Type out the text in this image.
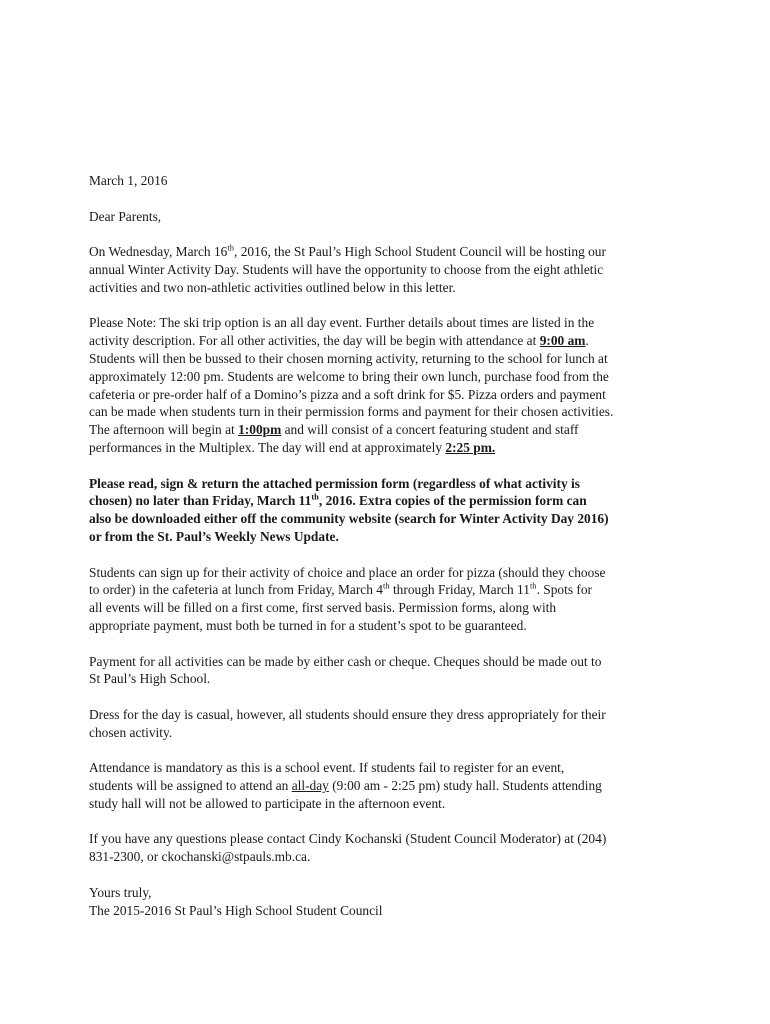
March 1, 2016
Dear Parents,
On Wednesday, March 16th, 2016, the St Paul’s High School Student Council will be hosting our
annual Winter Activity Day. Students will have the opportunity to choose from the eight athletic
activities and two non-athletic activities outlined below in this letter.
Please Note: The ski trip option is an all day event. Further details about times are listed in the
activity description. For all other activities, the day will be begin with attendance at 9:00 am.
Students will then be bussed to their chosen morning activity, returning to the school for lunch at
approximately 12:00 pm. Students are welcome to bring their own lunch, purchase food from the
cafeteria or pre-order half of a Domino’s pizza and a soft drink for $5. Pizza orders and payment
can be made when students turn in their permission forms and payment for their chosen activities.
The afternoon will begin at 1:00pm and will consist of a concert featuring student and staff
performances in the Multiplex. The day will end at approximately 2:25 pm.
Please read, sign & return the attached permission form (regardless of what activity is
chosen) no later than Friday, March 11th, 2016. Extra copies of the permission form can
also be downloaded either off the community website (search for Winter Activity Day 2016)
or from the St. Paul’s Weekly News Update.
Students can sign up for their activity of choice and place an order for pizza (should they choose
to order) in the cafeteria at lunch from Friday, March 4th through Friday, March 11th. Spots for
all events will be filled on a first come, first served basis. Permission forms, along with
appropriate payment, must both be turned in for a student’s spot to be guaranteed.
Payment for all activities can be made by either cash or cheque. Cheques should be made out to
St Paul’s High School.
Dress for the day is casual, however, all students should ensure they dress appropriately for their
chosen activity.
Attendance is mandatory as this is a school event. If students fail to register for an event,
students will be assigned to attend an all-day (9:00 am - 2:25 pm) study hall. Students attending
study hall will not be allowed to participate in the afternoon event.
If you have any questions please contact Cindy Kochanski (Student Council Moderator) at (204)
831-2300, or ckochanski@stpauls.mb.ca.
Yours truly,
The 2015-2016 St Paul’s High School Student Council
